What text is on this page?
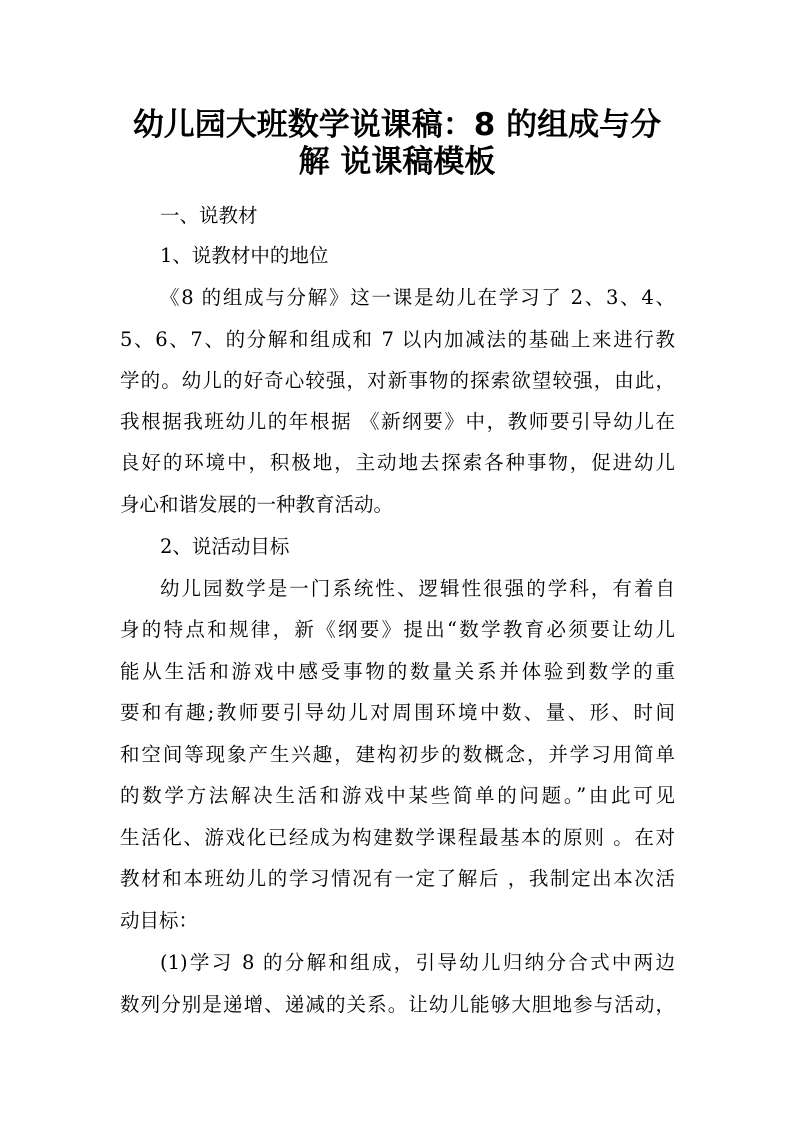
幼儿园大班数学说课稿：8 的组成与分
解 说课稿模板

一、说教材

1、说教材中的地位

《8 的组成与分解》这一课是幼儿在学习了 2、3、4、

5、6、7、的分解和组成和 7 以内加减法的基础上来进行教

学的。幼儿的好奇心较强，对新事物的探索欲望较强，由此，

我根据我班幼儿的年根据 《新纲要》中，教师要引导幼儿在

良好的环境中，积极地，主动地去探索各种事物，促进幼儿

身心和谐发展的一种教育活动。

2、说活动目标

幼儿园数学是一门系统性、逻辑性很强的学科，有着自

身的特点和规律，新《纲要》提出“数学教育必须要让幼儿

能从生活和游戏中感受事物的数量关系并体验到数学的重

要和有趣;教师要引导幼儿对周围环境中数、量、形、时间

和空间等现象产生兴趣，建构初步的数概念，并学习用简单

的数学方法解决生活和游戏中某些简单的问题。”由此可见

生活化、游戏化已经成为构建数学课程最基本的原则 。在对

教材和本班幼儿的学习情况有一定了解后 ，我制定出本次活

动目标：

(1)学习 8 的分解和组成，引导幼儿归纳分合式中两边

数列分别是递增、递减的关系。让幼儿能够大胆地参与活动，
